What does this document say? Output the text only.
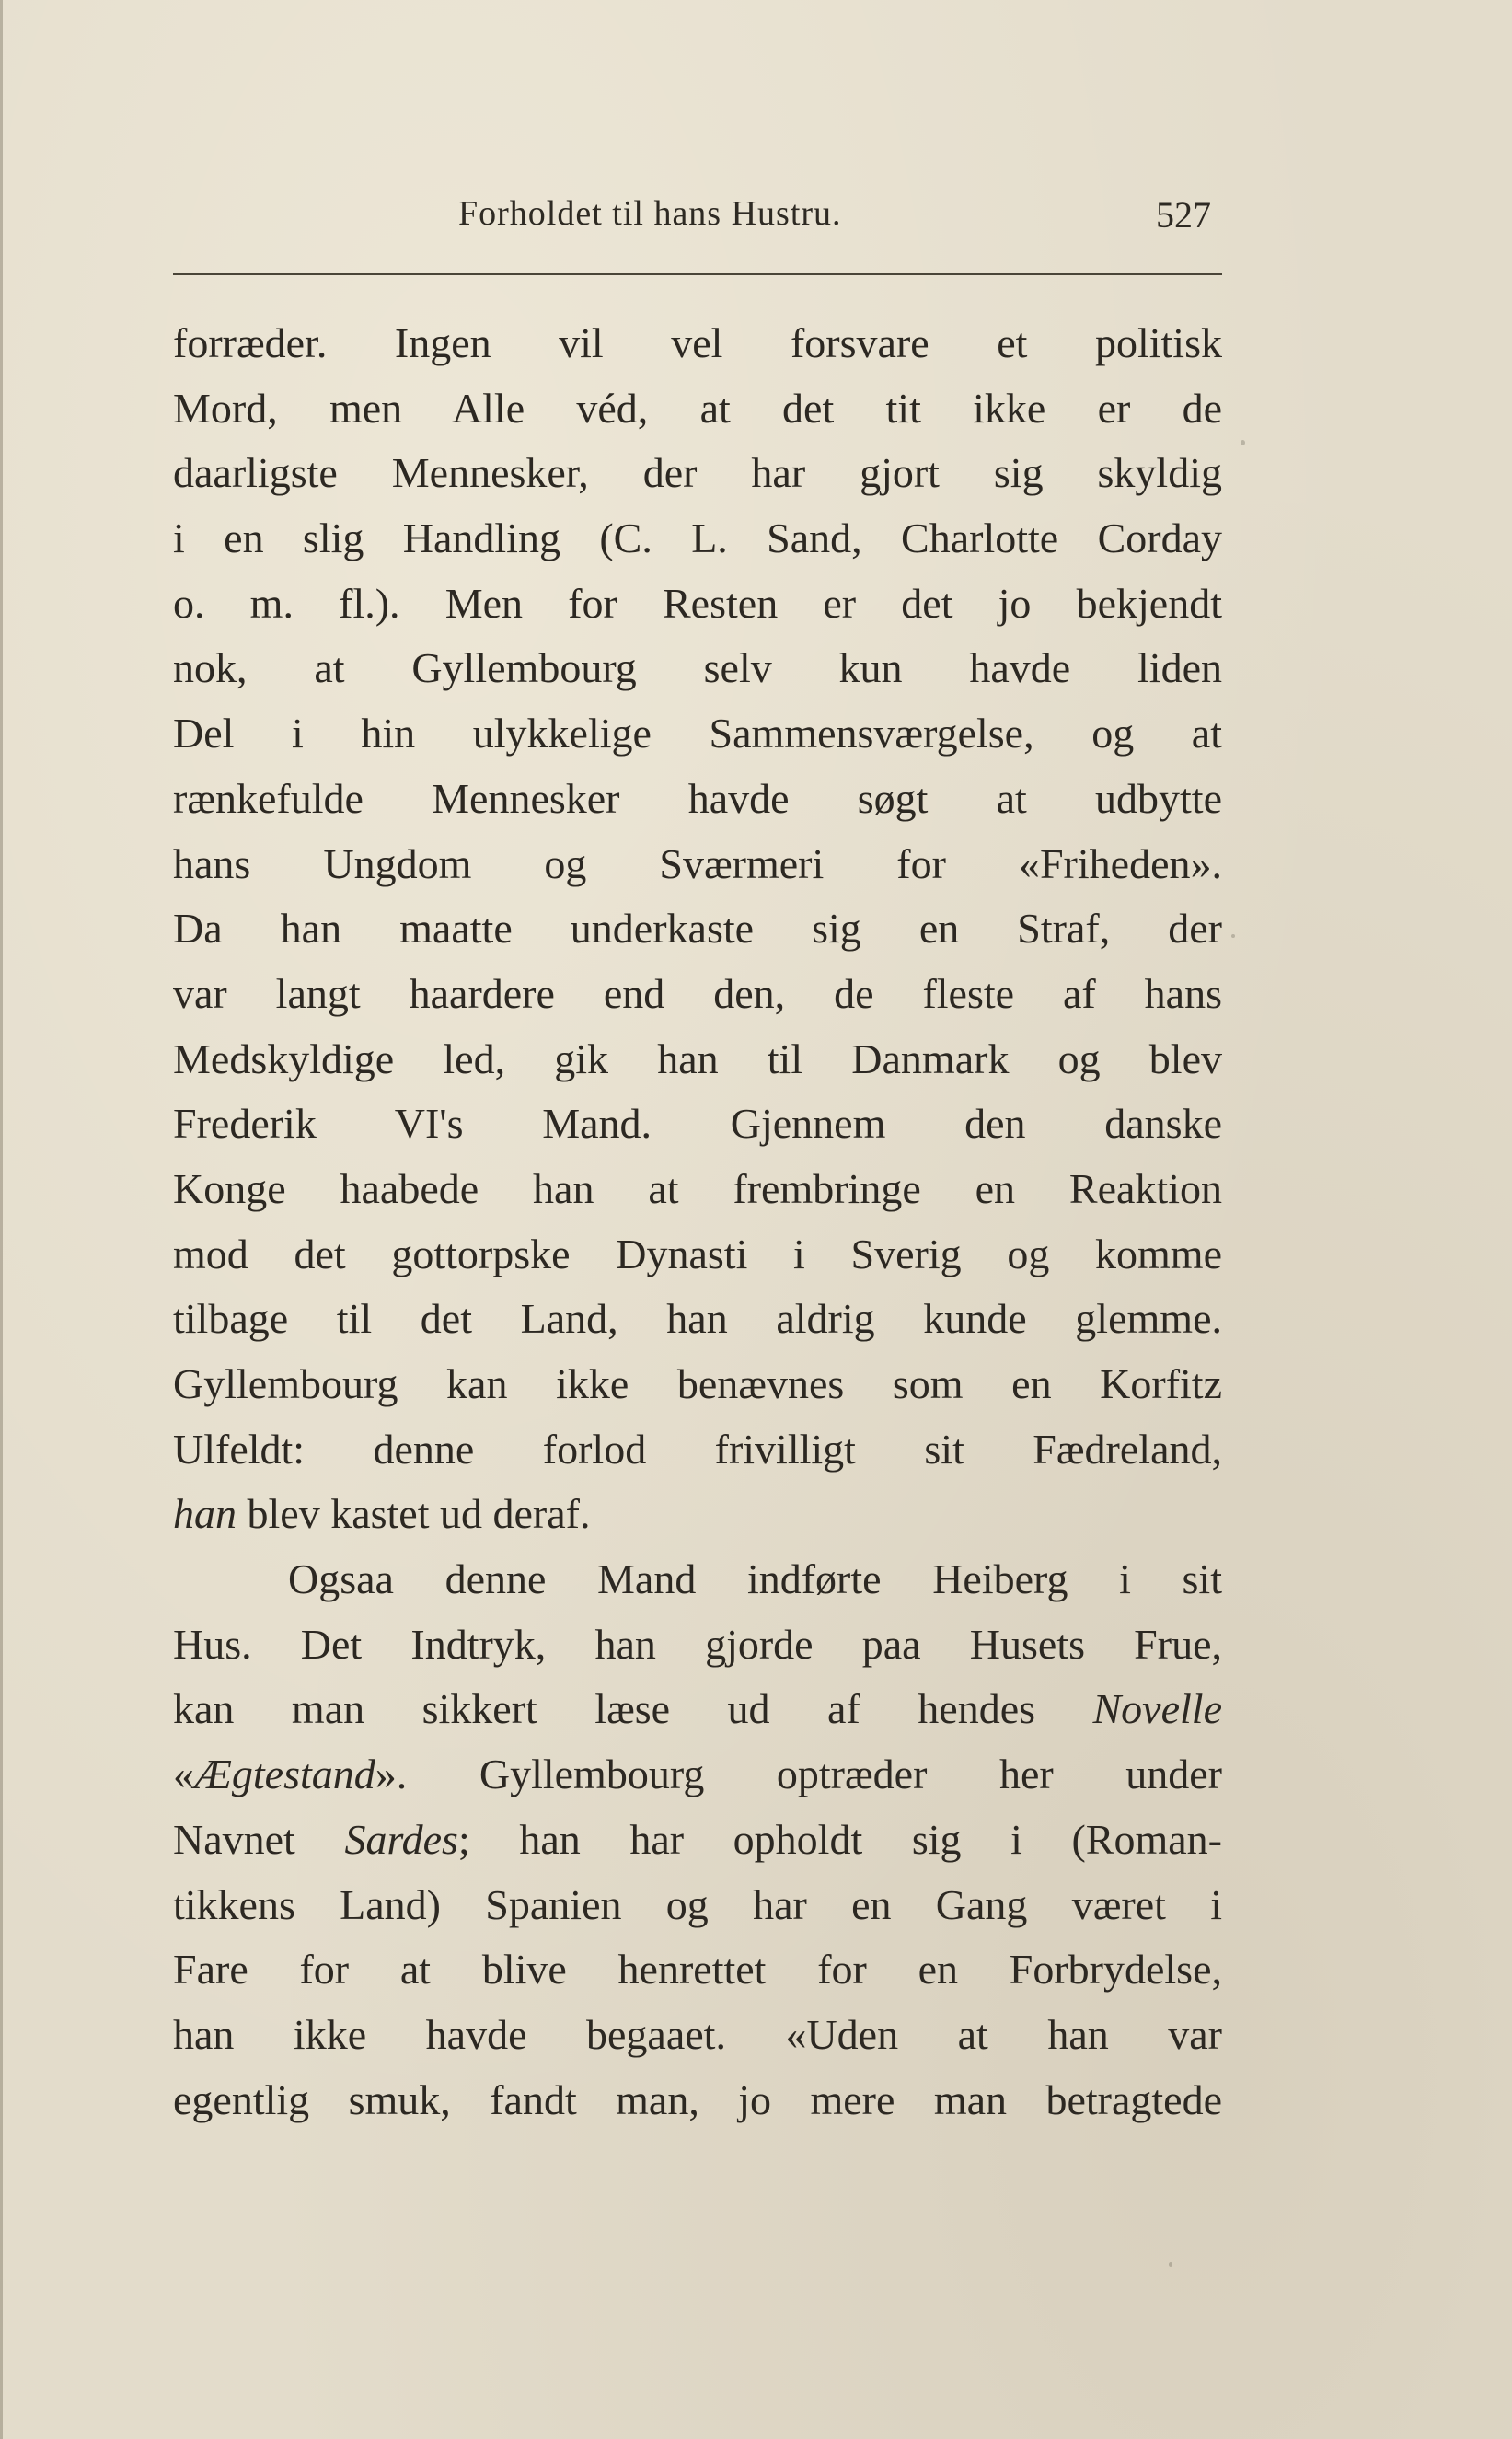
Forholdet til hans Hustru.	527
forræder. Ingen vil vel forsvare et politisk
Mord, men Alle véd, at det tit ikke er de
daarligste Mennesker, der har gjort sig skyldig
i en slig Handling (C. L. Sand, Charlotte Corday
o. m. fl.). Men for Resten er det jo bekjendt
nok, at Gyllembourg selv kun havde liden
Del i hin ulykkelige Sammensværgelse, og at
rænkefulde Mennesker havde søgt at udbytte
hans Ungdom og Sværmeri for «Friheden».
Da han maatte underkaste sig en Straf, der
var langt haardere end den, de fleste af hans
Medskyldige led, gik han til Danmark og blev
Frederik VI's Mand. Gjennem den danske
Konge haabede han at frembringe en Reaktion
mod det gottorpske Dynasti i Sverig og komme
tilbage til det Land, han aldrig kunde glemme.
Gyllembourg kan ikke benævnes som en Korfitz
Ulfeldt: denne forlod frivilligt sit Fædreland,
han blev kastet ud deraf.
Ogsaa denne Mand indførte Heiberg i sit
Hus. Det Indtryk, han gjorde paa Husets Frue,
kan man sikkert læse ud af hendes Novelle
«Ægtestand». Gyllembourg optræder her under
Navnet Sardes; han har opholdt sig i (Roman-
tikkens Land) Spanien og har en Gang været i
Fare for at blive henrettet for en Forbrydelse,
han ikke havde begaaet. «Uden at han var
egentlig smuk, fandt man, jo mere man betragtede
